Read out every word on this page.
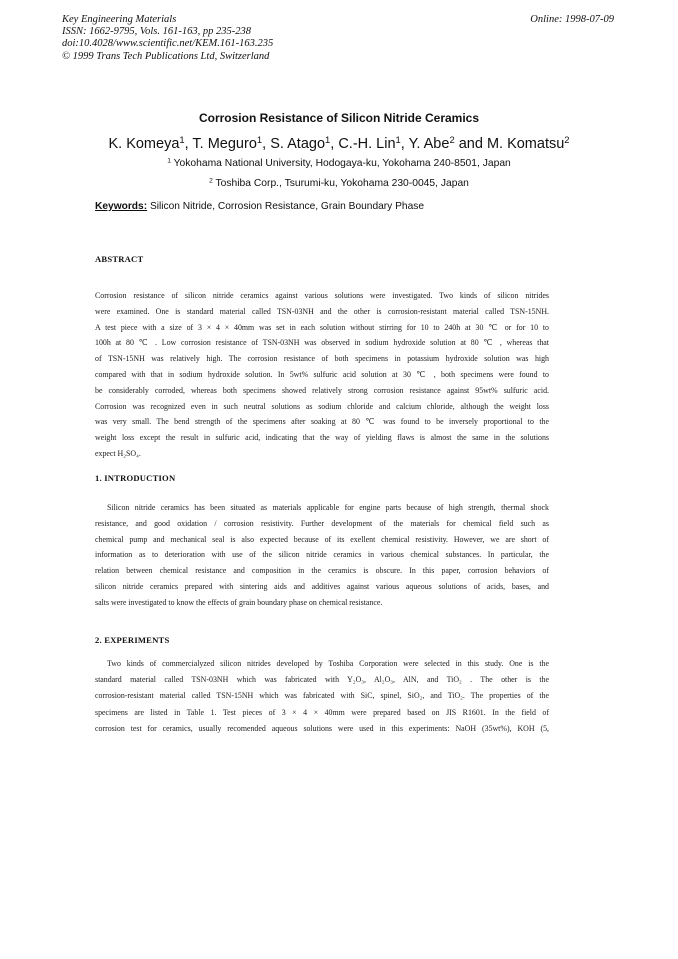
Key Engineering Materials
ISSN: 1662-9795, Vols. 161-163, pp 235-238
doi:10.4028/www.scientific.net/KEM.161-163.235
© 1999 Trans Tech Publications Ltd, Switzerland
Online: 1998-07-09
Corrosion Resistance of Silicon Nitride Ceramics
K. Komeya$^1$, T. Meguro$^1$, S. Atago$^1$, C.-H. Lin$^1$, Y. Abe$^2$ and M. Komatsu$^2$
$^1$ Yokohama National University, Hodogaya-ku, Yokohama 240-8501, Japan
$^2$ Toshiba Corp., Tsurumi-ku, Yokohama 230-0045, Japan
Keywords: Silicon Nitride, Corrosion Resistance, Grain Boundary Phase
ABSTRACT
Corrosion resistance of silicon nitride ceramics against various solutions were investigated. Two kinds of silicon nitrides
were examined. One is standard material called TSN-03NH and the other is corrosion-resistant material called TSN-15NH.
A test piece with a size of 3 × 4 × 40mm was set in each solution without stirring for 10 to 240h at 30 ℃ or for 10 to
100h at 80 ℃ . Low corrosion resistance of TSN-03NH was observed in sodium hydroxide solution at 80 ℃ , whereas that
of TSN-15NH was relatively high. The corrosion resistance of both specimens in potassium hydroxide solution was high
compared with that in sodium hydroxide solution. In 5wt% sulfuric acid solution at 30 ℃ , both specimens were found to
be considerably corroded, whereas both specimens showed relatively strong corrosion resistance against 95wt% sulfuric acid.
Corrosion was recognized even in such neutral solutions as sodium chloride and calcium chloride, although the weight loss
was very small. The bend strength of the specimens after soaking at 80 ℃ was found to be inversely proportional to the
weight loss except the result in sulfuric acid, indicating that the way of yielding flaws is almost the same in the solutions
expect H₂SO₄.
1. INTRODUCTION
Silicon nitride ceramics has been situated as materials applicable for engine parts because of high strength, thermal shock
resistance, and good oxidation / corrosion resistivity. Further development of the materials for chemical field such as
chemical pump and mechanical seal is also expected because of its exellent chemical resistivity. However, we are short of
information as to deterioration with use of the silicon nitride ceramics in various chemical substances. In particular, the
relation between chemical resistance and composition in the ceramics is obscure. In this paper, corrosion behaviors of
silicon nitride ceramics prepared with sintering aids and additives against various aqueous solutions of acids, bases, and
salts were investigated to know the effects of grain boundary phase on chemical resistance.
2. EXPERIMENTS
Two kinds of commercialyzed silicon nitrides developed by Toshiba Corporation were selected in this study. One is the
standard material called TSN-03NH which was fabricated with Y₂O₃, Al₂O₃, AlN, and TiO₂ . The other is the
corrosion-resistant material called TSN-15NH which was fabricated with SiC, spinel, SiO₂, and TiO₂. The properties of the
specimens are listed in Table 1. Test pieces of 3 × 4 × 40mm were prepared based on JIS R1601. In the field of
corrosion test for ceramics, usually recomended aqueous solutions were used in this experiments: NaOH (35wt%), KOH (5,
